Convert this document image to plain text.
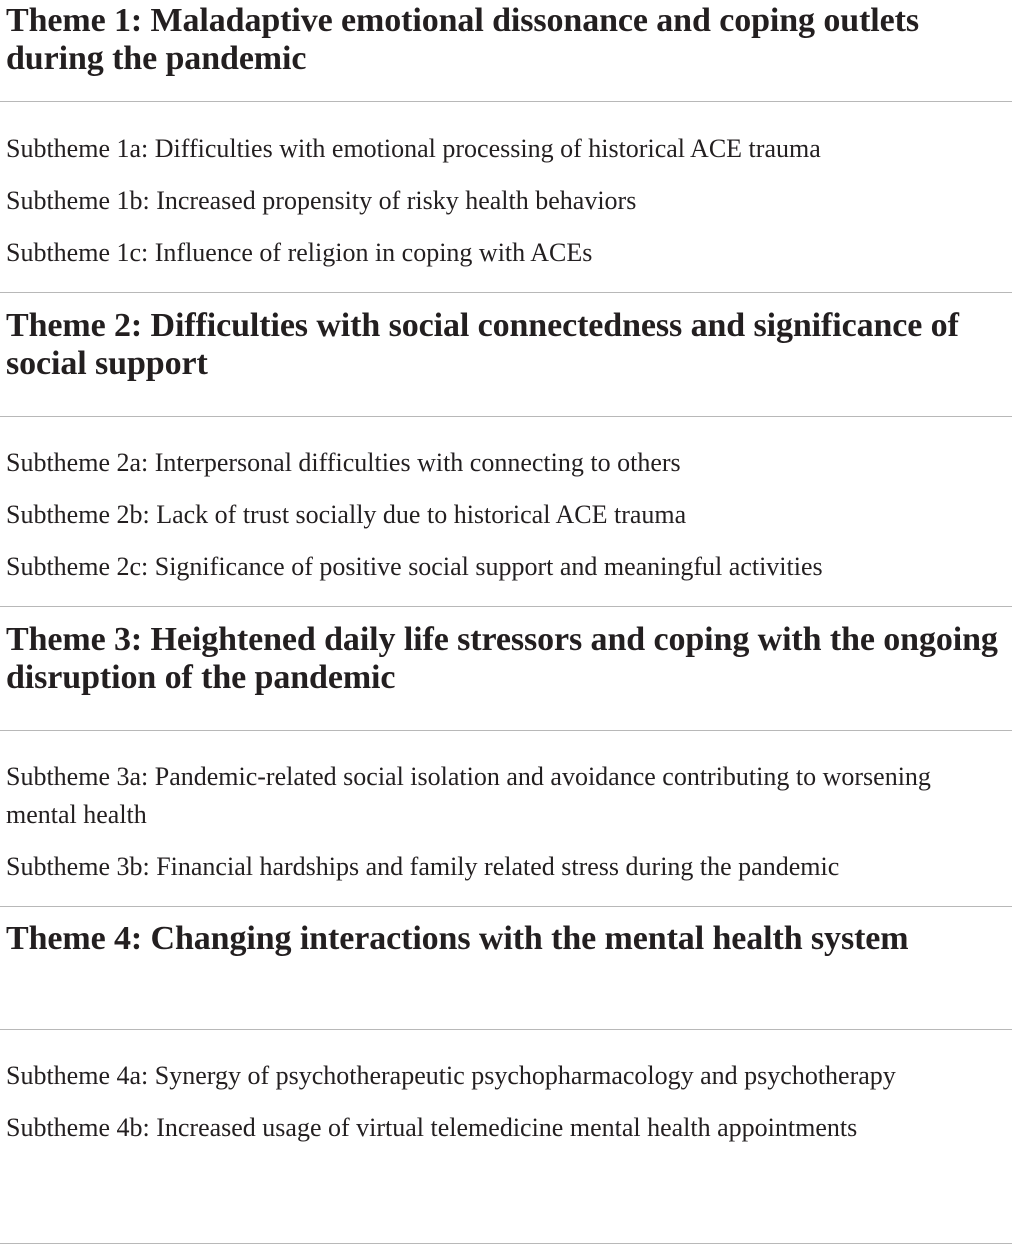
Theme 1: Maladaptive emotional dissonance and coping outlets during the pandemic

Subtheme 1a: Difficulties with emotional processing of historical ACE trauma

Subtheme 1b: Increased propensity of risky health behaviors

Subtheme 1c: Influence of religion in coping with ACEs

Theme 2: Difficulties with social connectedness and significance of social support

Subtheme 2a: Interpersonal difficulties with connecting to others

Subtheme 2b: Lack of trust socially due to historical ACE trauma

Subtheme 2c: Significance of positive social support and meaningful activities

Theme 3: Heightened daily life stressors and coping with the ongoing disruption of the pandemic

Subtheme 3a: Pandemic-related social isolation and avoidance contributing to worsening mental health

Subtheme 3b: Financial hardships and family related stress during the pandemic

Theme 4: Changing interactions with the mental health system

Subtheme 4a: Synergy of psychotherapeutic psychopharmacology and psychotherapy

Subtheme 4b: Increased usage of virtual telemedicine mental health appointments
